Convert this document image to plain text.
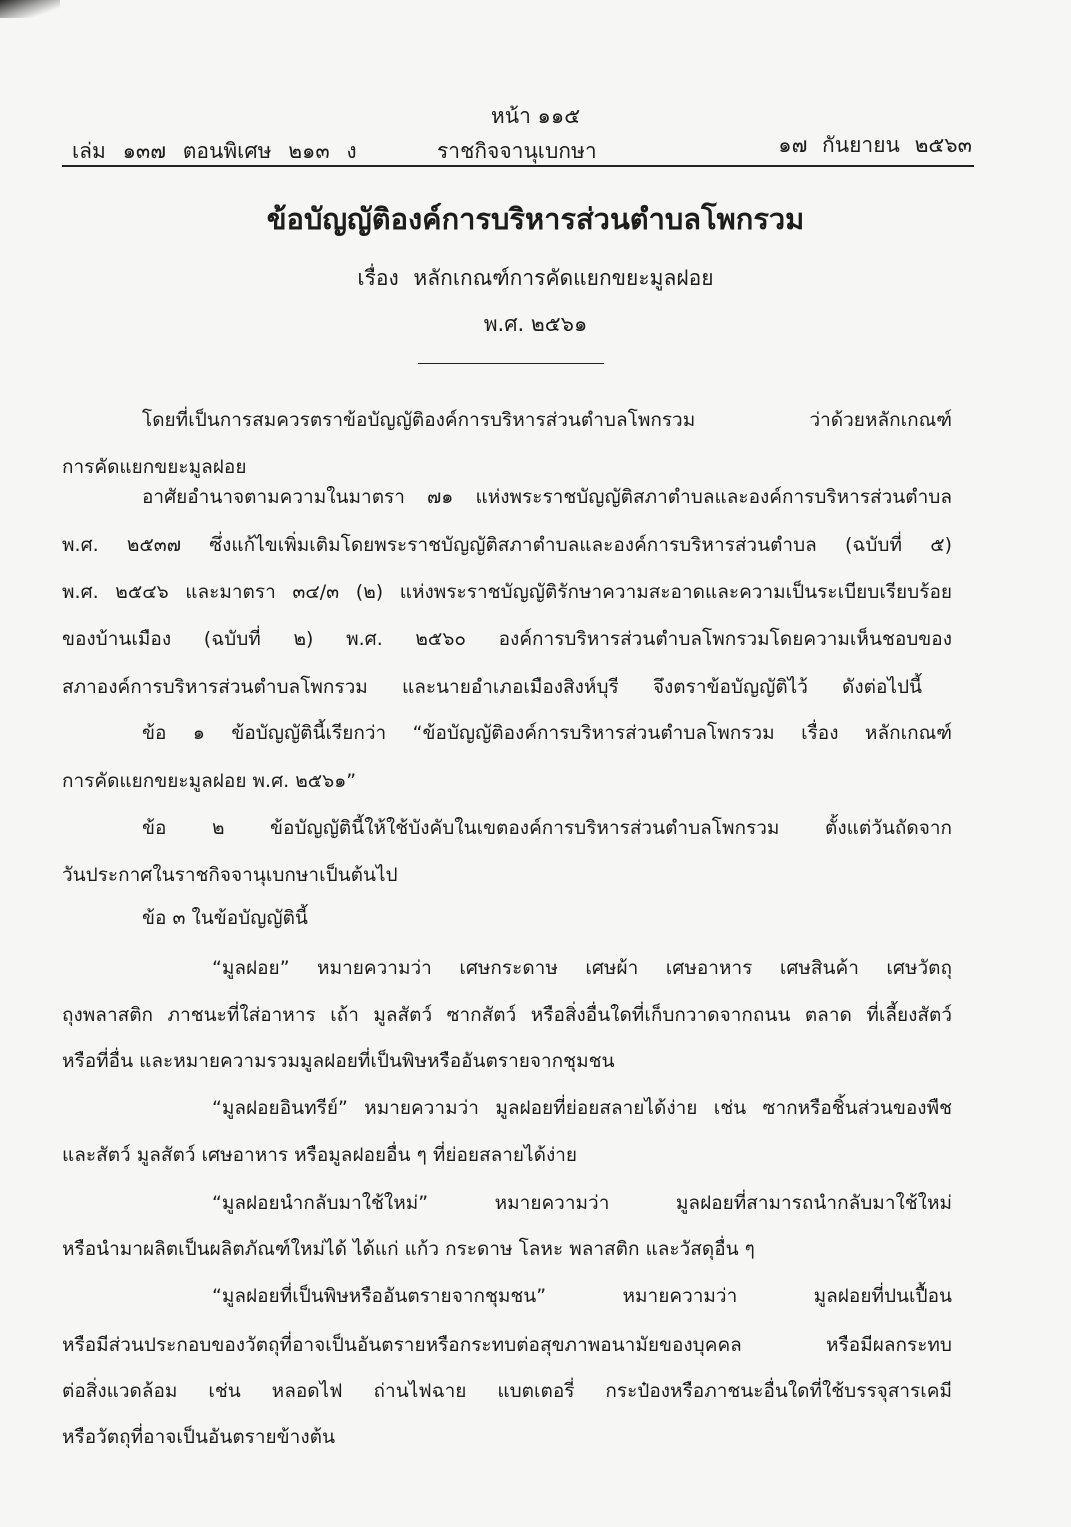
หน้า ๑๑๕
เล่ม ๑๓๗ ตอนพิเศษ ๒๑๓ ง	ราชกิจจานุเบกษา	๑๗ กันยายน ๒๕๖๓
ข้อบัญญัติองค์การบริหารส่วนตำบลโพกรวม
เรื่อง หลักเกณฑ์การคัดแยกขยะมูลฝอย
พ.ศ. ๒๕๖๑
โดยที่เป็นการสมควรตราข้อบัญญัติองค์การบริหารส่วนตำบลโพกรวม ว่าด้วยหลักเกณฑ์
การคัดแยกขยะมูลฝอย
อาศัยอำนาจตามความในมาตรา ๗๑ แห่งพระราชบัญญัติสภาตำบลและองค์การบริหารส่วนตำบล
พ.ศ. ๒๕๓๗ ซึ่งแก้ไขเพิ่มเติมโดยพระราชบัญญัติสภาตำบลและองค์การบริหารส่วนตำบล (ฉบับที่ ๕)
พ.ศ. ๒๕๔๖ และมาตรา ๓๔/๓ (๒) แห่งพระราชบัญญัติรักษาความสะอาดและความเป็นระเบียบเรียบร้อย
ของบ้านเมือง (ฉบับที่ ๒) พ.ศ. ๒๕๖๐ องค์การบริหารส่วนตำบลโพกรวมโดยความเห็นชอบของ
สภาองค์การบริหารส่วนตำบลโพกรวม และนายอำเภอเมืองสิงห์บุรี จึงตราข้อบัญญัติไว้ ดังต่อไปนี้
ข้อ ๑ ข้อบัญญัตินี้เรียกว่า “ข้อบัญญัติองค์การบริหารส่วนตำบลโพกรวม เรื่อง หลักเกณฑ์
การคัดแยกขยะมูลฝอย พ.ศ. ๒๕๖๑”
ข้อ ๒ ข้อบัญญัตินี้ให้ใช้บังคับในเขตองค์การบริหารส่วนตำบลโพกรวม ตั้งแต่วันถัดจาก
วันประกาศในราชกิจจานุเบกษาเป็นต้นไป
ข้อ ๓ ในข้อบัญญัตินี้
“มูลฝอย” หมายความว่า เศษกระดาษ เศษผ้า เศษอาหาร เศษสินค้า เศษวัตถุ
ถุงพลาสติก ภาชนะที่ใส่อาหาร เถ้า มูลสัตว์ ซากสัตว์ หรือสิ่งอื่นใดที่เก็บกวาดจากถนน ตลาด ที่เลี้ยงสัตว์
หรือที่อื่น และหมายความรวมมูลฝอยที่เป็นพิษหรืออันตรายจากชุมชน
“มูลฝอยอินทรีย์” หมายความว่า มูลฝอยที่ย่อยสลายได้ง่าย เช่น ซากหรือชิ้นส่วนของพืช
และสัตว์ มูลสัตว์ เศษอาหาร หรือมูลฝอยอื่น ๆ ที่ย่อยสลายได้ง่าย
“มูลฝอยนำกลับมาใช้ใหม่” หมายความว่า มูลฝอยที่สามารถนำกลับมาใช้ใหม่
หรือนำมาผลิตเป็นผลิตภัณฑ์ใหม่ได้ ได้แก่ แก้ว กระดาษ โลหะ พลาสติก และวัสดุอื่น ๆ
“มูลฝอยที่เป็นพิษหรืออันตรายจากชุมชน” หมายความว่า มูลฝอยที่ปนเปื้อน
หรือมีส่วนประกอบของวัตถุที่อาจเป็นอันตรายหรือกระทบต่อสุขภาพอนามัยของบุคคล หรือมีผลกระทบ
ต่อสิ่งแวดล้อม เช่น หลอดไฟ ถ่านไฟฉาย แบตเตอรี่ กระป๋องหรือภาชนะอื่นใดที่ใช้บรรจุสารเคมี
หรือวัตถุที่อาจเป็นอันตรายข้างต้น
